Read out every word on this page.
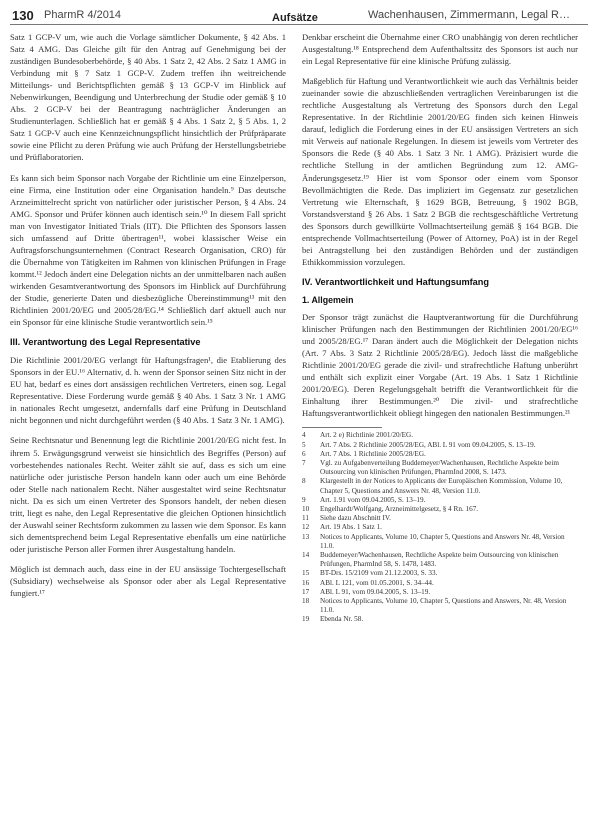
130 PharmR 4/2014	Aufsätze	Wachenhausen, Zimmermann, Legal R…

Satz 1 GCP-V um, wie auch die Vorlage sämtlicher Dokumente, § 42 Abs. 1 Satz 4 AMG. Das Gleiche gilt für den Antrag auf Genehmigung bei der zuständigen Bundesoberbehörde, § 40 Abs. 1 Satz 2, 42 Abs. 2 Satz 1 AMG in Verbindung mit § 7 Satz 1 GCP-V. Zudem treffen ihn weitreichende Mitteilungs- und Berichtspflichten gemäß § 13 GCP-V im Hinblick auf Nebenwirkungen, Beendigung und Unterbrechung der Studie oder gemäß § 10 Abs. 2 GCP-V bei der Beantragung nachträglicher Änderungen an Studienunterlagen. Schließlich hat er gemäß § 4 Abs. 1 Satz 2, § 5 Abs. 1, 2 Satz 1 GCP-V auch eine Kennzeichnungspflicht hinsichtlich der Prüfpräparate sowie eine Pflicht zu deren Prüfung wie auch Prüfung der Herstellungsbetriebe und Prüflaboratorien.

Es kann sich beim Sponsor nach Vorgabe der Richtlinie um eine Einzelperson, eine Firma, eine Institution oder eine Organisation handeln.⁹ Das deutsche Arzneimittelrecht spricht von natürlicher oder juristischer Person, § 4 Abs. 24 AMG. Sponsor und Prüfer können auch identisch sein.¹⁰ In diesem Fall spricht man von Investigator Initiated Trials (IIT). Die Pflichten des Sponsors lassen sich umfassend auf Dritte übertragen¹¹, wobei klassischer Weise ein Auftragsforschungsunternehmen (Contract Research Organisation, CRO) für die Übernahme von Tätigkeiten im Rahmen von klinischen Prüfungen in Frage kommt.¹² Jedoch ändert eine Delegation nichts an der unmittelbaren nach außen wirkenden Gesamtverantwortung des Sponsors im Hinblick auf Durchführung der Studie, generierte Daten und diesbezügliche Übereinstimmung¹³ mit den Richtlinien 2001/20/EG und 2005/28/EG.¹⁴ Schließlich darf aktuell auch nur ein Sponsor für eine klinische Studie verantwortlich sein.¹⁵

III. Verantwortung des Legal Representative

Die Richtlinie 2001/20/EG verlangt für Haftungsfragen¹, die Etablierung des Sponsors in der EU.¹⁶ Alternativ, d. h. wenn der Sponsor seinen Sitz nicht in der EU hat, bedarf es eines dort ansässigen rechtlichen Vertreters, einen sog. Legal Representative. Diese Forderung wurde gemäß § 40 Abs. 1 Satz 3 Nr. 1 AMG in nationales Recht umgesetzt, andernfalls darf eine Prüfung in Deutschland nicht begonnen und nicht durchgeführt werden (§ 40 Abs. 1 Satz 3 Nr. 1 AMG).

Seine Rechtsnatur und Benennung legt die Richtlinie 2001/20/EG nicht fest. In ihrem 5. Erwägungsgrund verweist sie hinsichtlich des Begriffes (Person) auf vorbestehendes nationales Recht. Weiter zählt sie auf, dass es sich um eine natürliche oder juristische Person handeln kann oder auch um eine Behörde oder Stelle nach nationalem Recht. Näher ausgestaltet wird seine Rechtsnatur nicht. Da es sich um einen Vertreter des Sponsors handelt, der neben diesen tritt, liegt es nahe, den Legal Representative die gleichen Optionen hinsichtlich der Auswahl seiner Rechtsform zukommen zu lassen wie dem Sponsor. Es kann sich dementsprechend beim Legal Representative ebenfalls um eine natürliche oder juristische Person aller Formen ihrer Ausgestaltung handeln.

Möglich ist demnach auch, dass eine in der EU ansässige Tochtergesellschaft (Subsidiary) wechselweise als Sponsor oder aber als Legal Representative fungiert.¹⁷

Denkbar erscheint die Übernahme einer CRO unabhängig von deren rechtlicher Ausgestaltung.¹⁸ Entsprechend dem Aufenthaltssitz des Sponsors ist auch nur ein Legal Representative für eine klinische Prüfung zulässig.

Maßgeblich für Haftung und Verantwortlichkeit wie auch das Verhältnis beider zueinander sowie die abzuschließenden vertraglichen Vereinbarungen ist die rechtliche Ausgestaltung als Vertretung des Sponsors durch den Legal Representative. In der Richtlinie 2001/20/EG finden sich keinen Hinweis darauf, lediglich die Forderung eines in der EU ansässigen Vertreters an sich mit Verweis auf nationale Regelungen. In diesem ist jeweils vom Vertreter des Sponsors die Rede (§ 40 Abs. 1 Satz 3 Nr. 1 AMG). Präzisiert wurde die rechtliche Stellung in der amtlichen Begründung zum 12. AMG-Änderungsgesetz.¹⁹ Hier ist vom Sponsor oder einem vom Sponsor Bevollmächtigten die Rede. Das impliziert im Gegensatz zur gesetzlichen Vertretung wie Elternschaft, § 1629 BGB, Betreuung, § 1902 BGB, Vorstandsverstand § 26 Abs. 1 Satz 2 BGB die rechtsgeschäftliche Vertretung des Sponsors durch gewillkürte Vollmachtserteilung gemäß § 164 BGB. Die entsprechende Vollmachtserteilung (Power of Attorney, PoA) ist in der Regel bei Antragstellung bei den zuständigen Behörden und der zuständigen Ethikkommission vorzulegen.

IV. Verantwortlichkeit und Haftungsumfang
1. Allgemein

Der Sponsor trägt zunächst die Hauptverantwortung für die Durchführung klinischer Prüfungen nach den Bestimmungen der Richtlinien 2001/20/EG¹⁶ und 2005/28/EG.¹⁷ Daran ändert auch die Möglichkeit der Delegation nichts (Art. 7 Abs. 3 Satz 2 Richtlinie 2005/28/EG). Jedoch lässt die maßgebliche Richtlinie 2001/20/EG gerade die zivil- und strafrechtliche Haftung unberührt und enthält sich explizit einer Vorgabe (Art. 19 Abs. 1 Satz 1 Richtlinie 2001/20/EG). Deren Regelungsgehalt betrifft die Verantwortlichkeit für die Einhaltung ihrer Bestimmungen.²⁰ Die zivil- und strafrechtliche Haftungsverantwortlichkeit obliegt hingegen den nationalen Bestimmungen.²¹

4	Art. 2 e) Richtlinie 2001/20/EG.
5	Art. 7 Abs. 2 Richtlinie 2005/28/EG, ABl. L 91 vom 09.04.2005, S. 13–19.
6	Art. 7 Abs. 1 Richtlinie 2005/28/EG.
7	Vgl. zu Aufgabenverteilung Buddemeyer/Wachenhausen, Rechtliche Aspekte beim Outsourcing von klinischen Prüfungen, PharmInd 2008, S. 1473.
8	Klargestellt in der Notices to Applicants der Europäischen Kommission, Volume 10, Chapter 5, Questions and Answers Nr. 48, Version 11.0.
9	Art. 1.91 vom 09.04.2005, S. 13–19.
10	Engelhardt/Wolfgang, Arzneimittelgesetz, § 4 Rn. 167.
11	Siehe dazu Abschnitt IV.
12	Art. 19 Abs. 1 Satz 1.
13	Notices to Applicants, Volume 10, Chapter 5, Questions and Answers Nr. 48, Version 11.0.
14	Buddemeyer/Wachenhausen, Rechtliche Aspekte beim Outsourcing von klinischen Prüfungen, PharmInd 58, S. 1478, 1483.
15	BT-Drs. 15/2109 vom 21.12.2003, S. 33.
16	ABl. L 121, vom 01.05.2001, S. 34–44.
17	ABl. L 91, vom 09.04.2005, S. 13–19.
18	Notices to Applicants, Volume 10, Chapter 5, Questions and Answers, Nr. 48, Version 11.0.
19	Ebenda Nr. 58.
